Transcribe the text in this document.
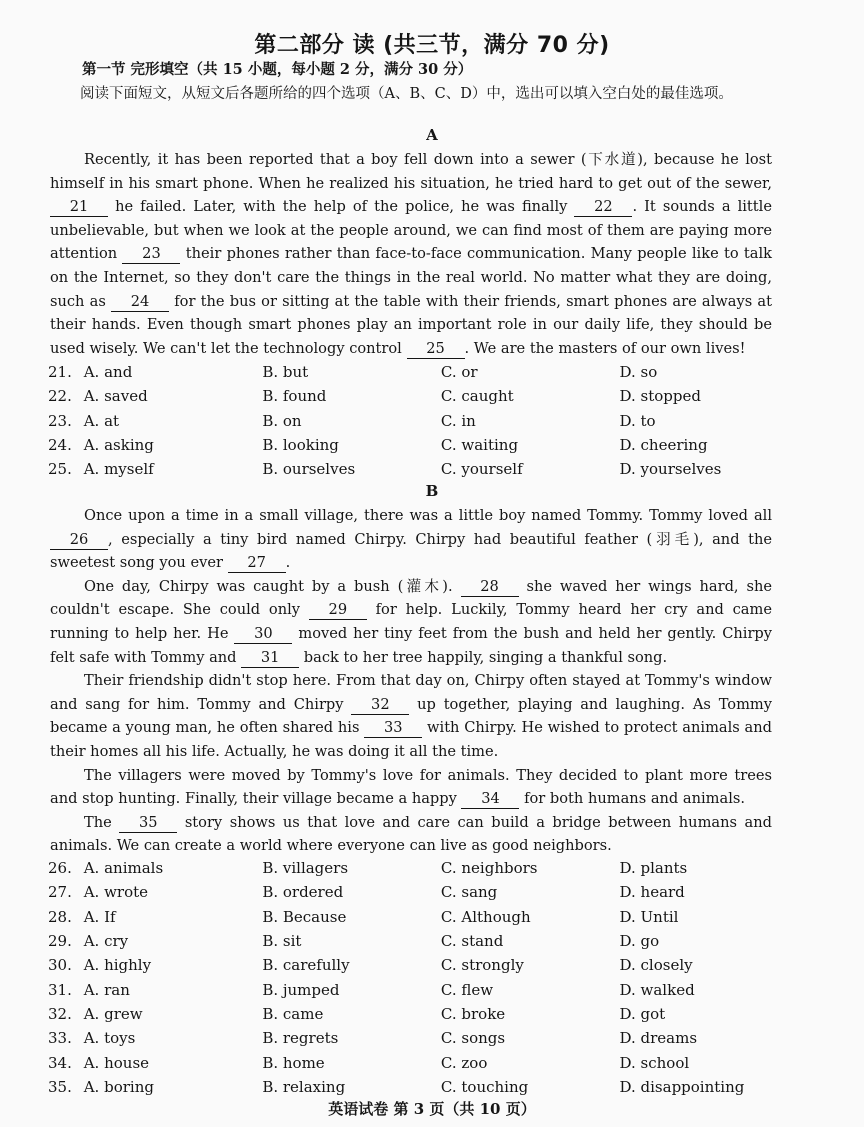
第二部分 读 (共三节，满分 70 分)
第一节 完形填空（共 15 小题，每小题 2 分，满分 30 分）
阅读下面短文，从短文后各题所给的四个选项（A、B、C、D）中，选出可以填入空白处的最佳选项。
A

Recently, it has been reported that a boy fell down into a sewer (下水道), because he lost himself in his smart phone. When he realized his situation, he tried hard to get out of the sewer, 21 he failed. Later, with the help of the police, he was finally 22 . It sounds a little unbelievable, but when we look at the people around, we can find most of them are paying more attention 23 their phones rather than face-to-face communication. Many people like to talk on the Internet, so they don't care the things in the real world. No matter what they are doing, such as 24 for the bus or sitting at the table with their friends, smart phones are always at their hands. Even though smart phones play an important role in our daily life, they should be used wisely. We can't let the technology control 25 . We are the masters of our own lives!

21. A. and	B. but	C. or	D. so
22. A. saved	B. found	C. caught	D. stopped
23. A. at	B. on	C. in	D. to
24. A. asking	B. looking	C. waiting	D. cheering
25. A. myself	B. ourselves	C. yourself	D. yourselves
B

Once upon a time in a small village, there was a little boy named Tommy. Tommy loved all 26 , especially a tiny bird named Chirpy. Chirpy had beautiful feather (羽毛), and the sweetest song you ever 27 .

One day, Chirpy was caught by a bush (灌木). 28 she waved her wings hard, she couldn't escape. She could only 29 for help. Luckily, Tommy heard her cry and came running to help her. He 30 moved her tiny feet from the bush and held her gently. Chirpy felt safe with Tommy and 31 back to her tree happily, singing a thankful song.

Their friendship didn't stop here. From that day on, Chirpy often stayed at Tommy's window and sang for him. Tommy and Chirpy 32 up together, playing and laughing. As Tommy became a young man, he often shared his 33 with Chirpy. He wished to protect animals and their homes all his life. Actually, he was doing it all the time.

The villagers were moved by Tommy's love for animals. They decided to plant more trees and stop hunting. Finally, their village became a happy 34 for both humans and animals.

The 35 story shows us that love and care can build a bridge between humans and animals. We can create a world where everyone can live as good neighbors.

26. A. animals	B. villagers	C. neighbors	D. plants
27. A. wrote	B. ordered	C. sang	D. heard
28. A. If	B. Because	C. Although	D. Until
29. A. cry	B. sit	C. stand	D. go
30. A. highly	B. carefully	C. strongly	D. closely
31. A. ran	B. jumped	C. flew	D. walked
32. A. grew	B. came	C. broke	D. got
33. A. toys	B. regrets	C. songs	D. dreams
34. A. house	B. home	C. zoo	D. school
35. A. boring	B. relaxing	C. touching	D. disappointing
英语试卷 第 3 页（共 10 页）
